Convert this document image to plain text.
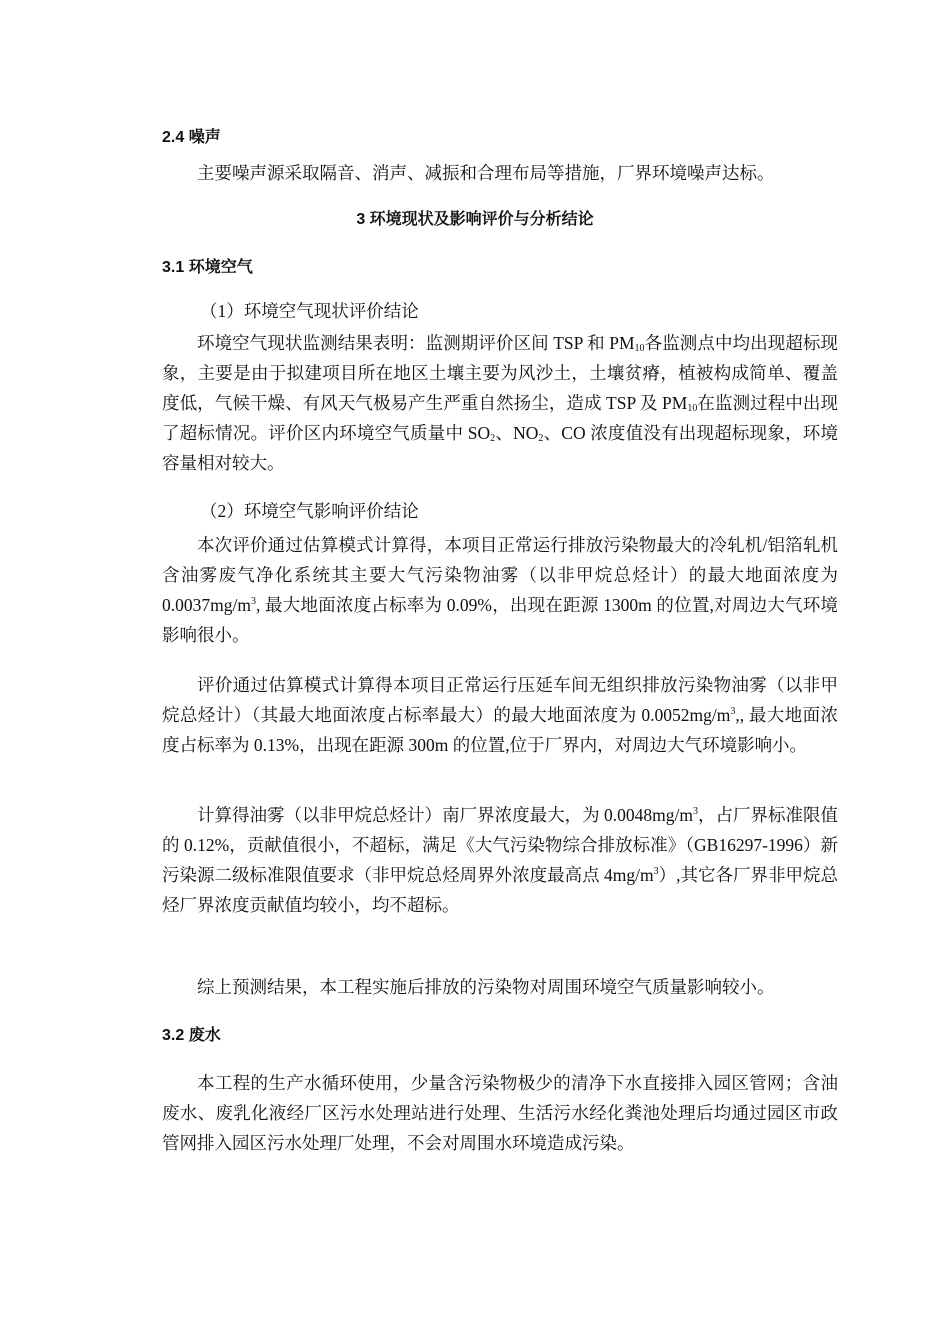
2.4 噪声

主要噪声源采取隔音、消声、减振和合理布局等措施，厂界环境噪声达标。

3 环境现状及影响评价与分析结论
3.1 环境空气
（1）环境空气现状评价结论

环境空气现状监测结果表明：监测期评价区间 TSP 和 $PM_{10}$各监测点中均出现超标现象，主要是由于拟建项目所在地区土壤主要为风沙土，土壤贫瘠，植被构成简单、覆盖度低，气候干燥、有风天气极易产生严重自然扬尘，造成 TSP 及 $PM_{10}$在监测过程中出现了超标情况。评价区内环境空气质量中 $SO_2$、$NO_2$、CO 浓度值没有出现超标现象，环境容量相对较大。

（2）环境空气影响评价结论

本次评价通过估算模式计算得，本项目正常运行排放污染物最大的冷轧机/铝箔轧机含油雾废气净化系统其主要大气污染物油雾（以非甲烷总烃计）的最大地面浓度为 $0.0037mg/m^3$, 最大地面浓度占标率为 0.09%，出现在距源 1300m 的位置,对周边大气环境影响很小。

评价通过估算模式计算得本项目正常运行压延车间无组织排放污染物油雾（以非甲烷总烃计）（其最大地面浓度占标率最大）的最大地面浓度为 $0.0052mg/m^3$,, 最大地面浓度占标率为 0.13%，出现在距源 300m 的位置,位于厂界内，对周边大气环境影响小。

计算得油雾（以非甲烷总烃计）南厂界浓度最大，为 $0.0048mg/m^3$，占厂界标准限值的 0.12%，贡献值很小，不超标，满足《大气污染物综合排放标准》（GB16297-1996）新污染源二级标准限值要求（非甲烷总烃周界外浓度最高点 $4mg/m^3$）,其它各厂界非甲烷总烃厂界浓度贡献值均较小，均不超标。

综上预测结果，本工程实施后排放的污染物对周围环境空气质量影响较小。

3.2 废水

本工程的生产水循环使用，少量含污染物极少的清净下水直接排入园区管网；含油废水、废乳化液经厂区污水处理站进行处理、生活污水经化粪池处理后均通过园区市政管网排入园区污水处理厂处理，不会对周围水环境造成污染。
